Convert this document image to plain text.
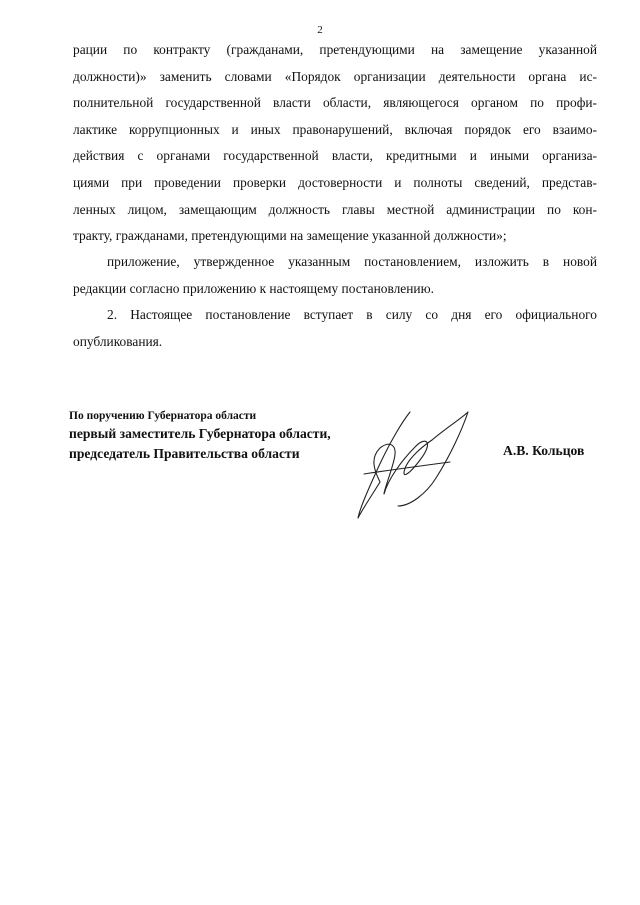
2
рации по контракту (гражданами, претендующими на замещение указанной
должности)» заменить словами «Порядок организации деятельности органа ис-
полнительной государственной власти области, являющегося органом по профи-
лактике коррупционных и иных правонарушений, включая порядок его взаимо-
действия с органами государственной власти, кредитными и иными организа-
циями при проведении проверки достоверности и полноты сведений, представ-
ленных лицом, замещающим должность главы местной администрации по кон-
тракту, гражданами, претендующими на замещение указанной должности»;
приложение, утвержденное указанным постановлением, изложить в новой
редакции согласно приложению к настоящему постановлению.
2. Настоящее постановление вступает в силу со дня его официального
опубликования.
По поручению Губернатора области
первый заместитель Губернатора области,
председатель Правительства области	А.В. Кольцов
